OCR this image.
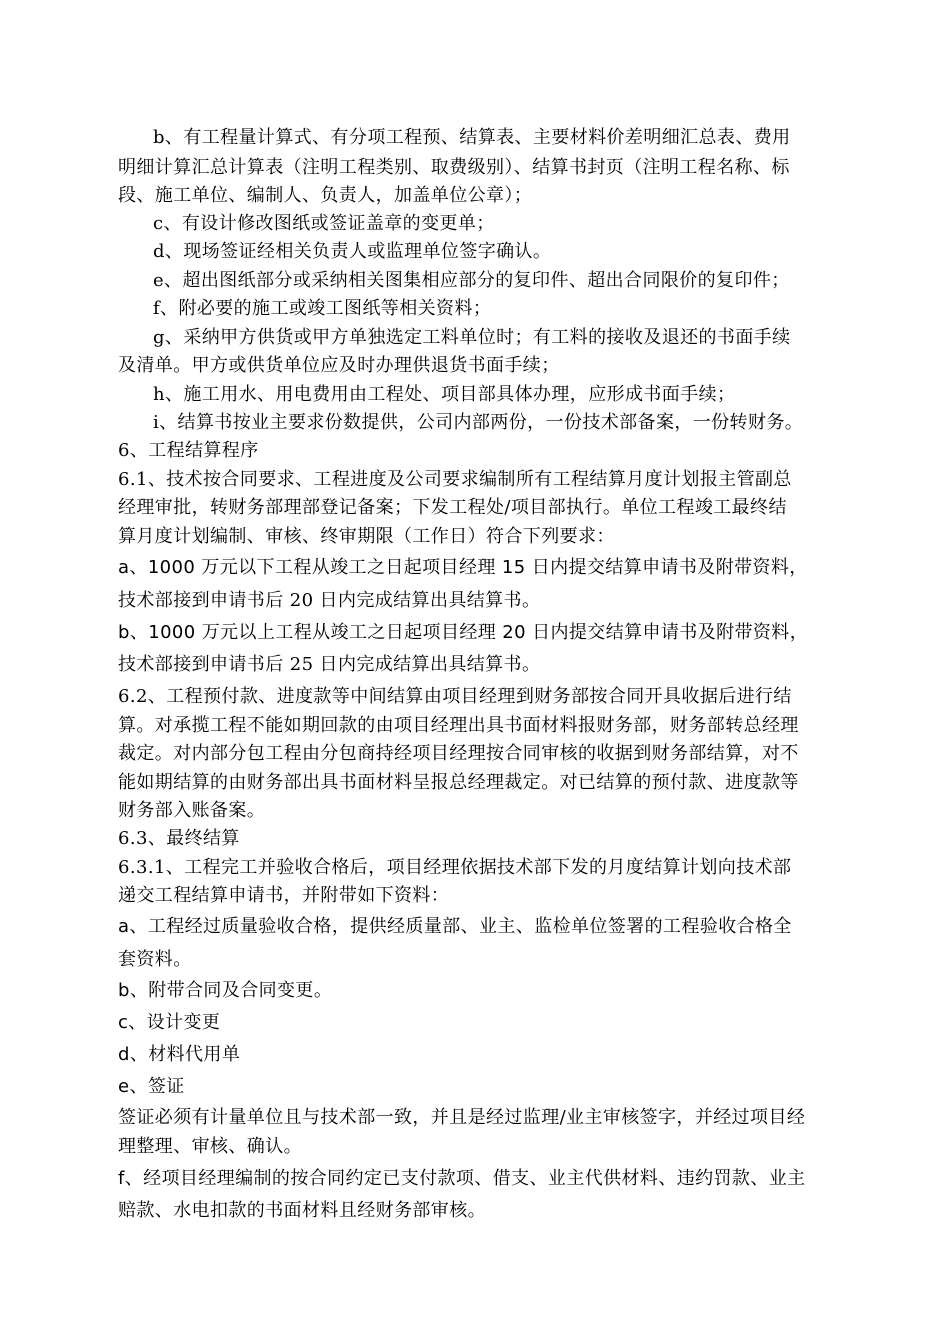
b、有工程量计算式、有分项工程预、结算表、主要材料价差明细汇总表、费用
明细计算汇总计算表（注明工程类别、取费级别）、结算书封页（注明工程名称、标
段、施工单位、编制人、负责人，加盖单位公章）；
c、有设计修改图纸或签证盖章的变更单；
d、现场签证经相关负责人或监理单位签字确认。
e、超出图纸部分或采纳相关图集相应部分的复印件、超出合同限价的复印件；
f、附必要的施工或竣工图纸等相关资料；
g、采纳甲方供货或甲方单独选定工料单位时；有工料的接收及退还的书面手续
及清单。甲方或供货单位应及时办理供退货书面手续；
h、施工用水、用电费用由工程处、项目部具体办理，应形成书面手续；
i、结算书按业主要求份数提供，公司内部两份，一份技术部备案，一份转财务。
6、工程结算程序
6.1、技术按合同要求、工程进度及公司要求编制所有工程结算月度计划报主管副总
经理审批，转财务部理部登记备案；下发工程处/项目部执行。单位工程竣工最终结
算月度计划编制、审核、终审期限（工作日）符合下列要求：
a、1000 万元以下工程从竣工之日起项目经理 15 日内提交结算申请书及附带资料，
技术部接到申请书后 20 日内完成结算出具结算书。
b、1000 万元以上工程从竣工之日起项目经理 20 日内提交结算申请书及附带资料，
技术部接到申请书后 25 日内完成结算出具结算书。
6.2、工程预付款、进度款等中间结算由项目经理到财务部按合同开具收据后进行结
算。对承揽工程不能如期回款的由项目经理出具书面材料报财务部，财务部转总经理
裁定。对内部分包工程由分包商持经项目经理按合同审核的收据到财务部结算，对不
能如期结算的由财务部出具书面材料呈报总经理裁定。对已结算的预付款、进度款等
财务部入账备案。
6.3、最终结算
6.3.1、工程完工并验收合格后，项目经理依据技术部下发的月度结算计划向技术部
递交工程结算申请书，并附带如下资料：
a、工程经过质量验收合格，提供经质量部、业主、监检单位签署的工程验收合格全
套资料。
b、附带合同及合同变更。
c、设计变更
d、材料代用单
e、签证
签证必须有计量单位且与技术部一致，并且是经过监理/业主审核签字，并经过项目经
理整理、审核、确认。
f、经项目经理编制的按合同约定已支付款项、借支、业主代供材料、违约罚款、业主
赔款、水电扣款的书面材料且经财务部审核。
